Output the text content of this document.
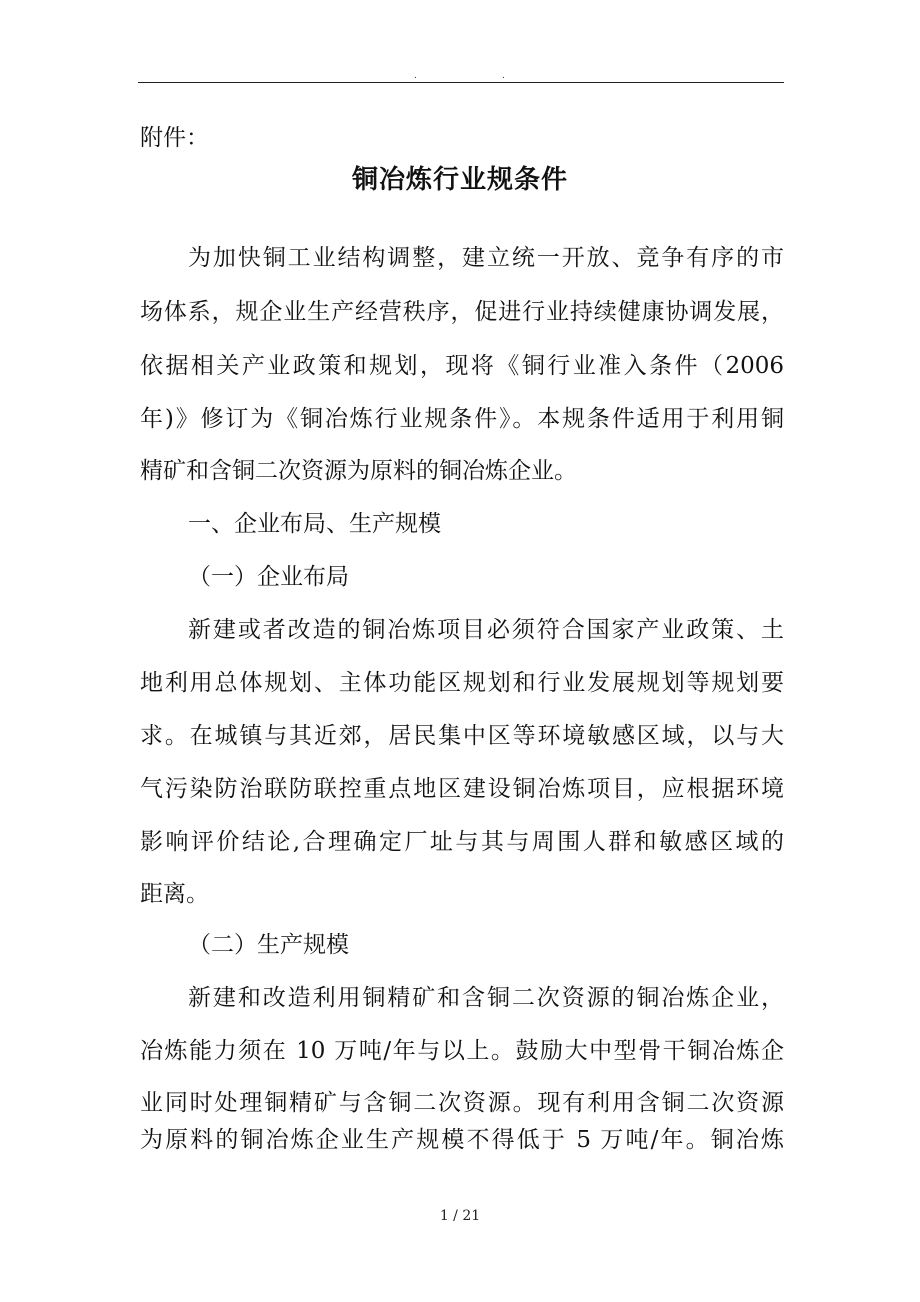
.	.
附件：
铜冶炼行业规条件
为加快铜工业结构调整，建立统一开放、竞争有序的市
场体系，规企业生产经营秩序，促进行业持续健康协调发展，
依据相关产业政策和规划，现将《铜行业准入条件（2006
年)》修订为《铜冶炼行业规条件》。本规条件适用于利用铜
精矿和含铜二次资源为原料的铜冶炼企业。
一、企业布局、生产规模
（一）企业布局
新建或者改造的铜冶炼项目必须符合国家产业政策、土
地利用总体规划、主体功能区规划和行业发展规划等规划要
求。在城镇与其近郊，居民集中区等环境敏感区域，以与大
气污染防治联防联控重点地区建设铜冶炼项目，应根据环境
影响评价结论,合理确定厂址与其与周围人群和敏感区域的
距离。
（二）生产规模
新建和改造利用铜精矿和含铜二次资源的铜冶炼企业，
冶炼能力须在 10 万吨/年与以上。鼓励大中型骨干铜冶炼企
业同时处理铜精矿与含铜二次资源。现有利用含铜二次资源
为原料的铜冶炼企业生产规模不得低于 5 万吨/年。铜冶炼
1 / 21
